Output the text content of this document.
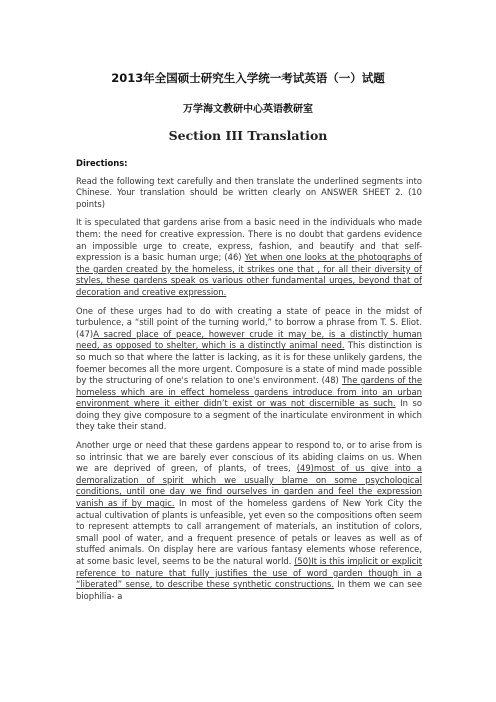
2013年全国硕士研究生入学统一考试英语（一）试题
万学海文教研中心英语教研室
Section III Translation
Directions:

Read the following text carefully and then translate the underlined segments into Chinese. Your translation should be written clearly on ANSWER SHEET 2. (10 points)

It is speculated that gardens arise from a basic need in the individuals who made them: the need for creative expression. There is no doubt that gardens evidence an impossible urge to create, express, fashion, and beautify and that self-expression is a basic human urge; (46) Yet when one looks at the photographs of the garden created by the homeless, it strikes one that , for all their diversity of styles, these gardens speak os various other fundamental urges, beyond that of decoration and creative expression.

One of these urges had to do with creating a state of peace in the midst of turbulence, a “still point of the turning world,” to borrow a phrase from T. S. Eliot. (47)A sacred place of peace, however crude it may be, is a distinctly human need, as opposed to shelter, which is a distinctly animal need. This distinction is so much so that where the latter is lacking, as it is for these unlikely gardens, the foemer becomes all the more urgent. Composure is a state of mind made possible by the structuring of one's relation to one's environment. (48) The gardens of the homeless which are in effect homeless gardens introduce from into an urban environment where it either didn’t exist or was not discernible as such. In so doing they give composure to a segment of the inarticulate environment in which they take their stand.

Another urge or need that these gardens appear to respond to, or to arise from is so intrinsic that we are barely ever conscious of its abiding claims on us. When we are deprived of green, of plants, of trees, (49)most of us give into a demoralization of spirit which we usually blame on some psychological conditions, until one day we find ourselves in garden and feel the expression vanish as if by magic. In most of the homeless gardens of New York City the actual cultivation of plants is unfeasible, yet even so the compositions often seem to represent attempts to call arrangement of materials, an institution of colors, small pool of water, and a frequent presence of petals or leaves as well as of stuffed animals. On display here are various fantasy elements whose reference, at some basic level, seems to be the natural world. (50)It is this implicit or explicit reference to nature that fully justifies the use of word garden though in a “liberated” sense, to describe these synthetic constructions. In them we can see biophilia- a
